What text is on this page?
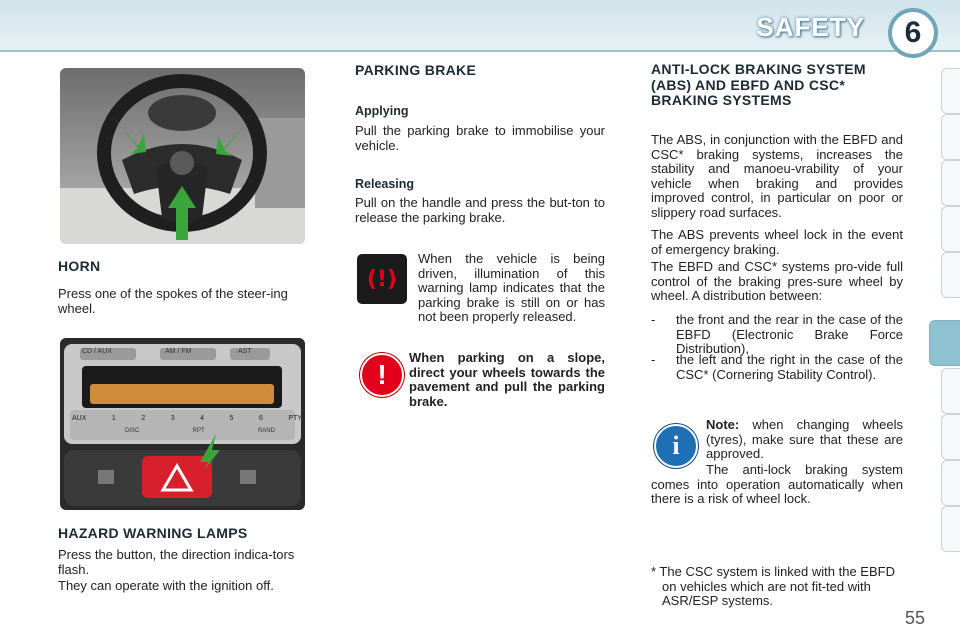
SAFETY 6
HORN

Press one of the spokes of the steer-ing wheel.

CD / AUX	AM / FM	AST
AUX	1	2	3	4	5	6	PTY
DISC	RPT	RAND
HAZARD WARNING LAMPS

Press the button, the direction indica-tors flash.

They can operate with the ignition off.

PARKING BRAKE
Applying

Pull the parking brake to immobilise your vehicle.

Releasing

Pull on the handle and press the but-ton to release the parking brake.

(!)

When the vehicle is being driven, illumination of this warning lamp indicates that the parking brake is still on or has not been properly released.

!

When parking on a slope, direct your wheels towards the pavement and pull the parking brake.

ANTI-LOCK BRAKING SYSTEM (ABS) AND EBFD AND CSC* BRAKING SYSTEMS

The ABS, in conjunction with the EBFD and CSC* braking systems, increases the stability and manoeu-vrability of your vehicle when braking and provides improved control, in particular on poor or slippery road surfaces.

The ABS prevents wheel lock in the event of emergency braking.

The EBFD and CSC* systems pro-vide full control of the braking pres-sure wheel by wheel. A distribution between:

- the front and the rear in the case of the EBFD (Electronic Brake Force Distribution),
- the left and the right in the case of the CSC* (Cornering Stability Control).
i

Note: when changing wheels (tyres), make sure that these are approved.

The anti-lock braking system comes into operation automatically when there is a risk of wheel lock.

* The CSC system is linked with the EBFD on vehicles which are not fit-ted with ASR/ESP systems.

55
